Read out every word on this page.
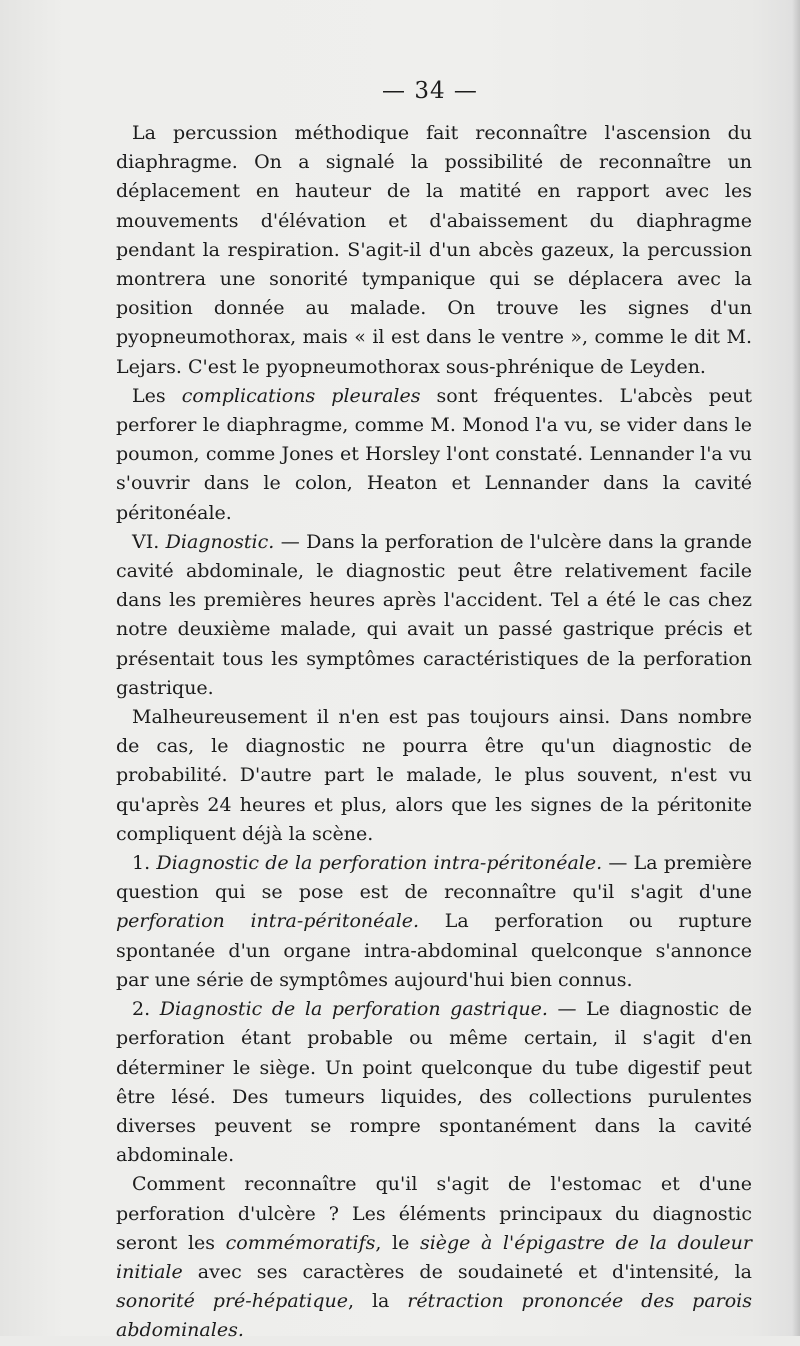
— 34 —

La percussion méthodique fait reconnaître l'ascension du diaphragme. On a signalé la possibilité de reconnaître un déplacement en hauteur de la matité en rapport avec les mouvements d'élévation et d'abaissement du diaphragme pendant la respiration. S'agit-il d'un abcès gazeux, la percussion montrera une sonorité tympanique qui se déplacera avec la position donnée au malade. On trouve les signes d'un pyopneumothorax, mais « il est dans le ventre », comme le dit M. Lejars. C'est le pyopneumothorax sous-phrénique de Leyden.

Les complications pleurales sont fréquentes. L'abcès peut perforer le diaphragme, comme M. Monod l'a vu, se vider dans le poumon, comme Jones et Horsley l'ont constaté. Lennander l'a vu s'ouvrir dans le colon, Heaton et Lennander dans la cavité péritonéale.

VI. Diagnostic. — Dans la perforation de l'ulcère dans la grande cavité abdominale, le diagnostic peut être relativement facile dans les premières heures après l'accident. Tel a été le cas chez notre deuxième malade, qui avait un passé gastrique précis et présentait tous les symptômes caractéristiques de la perforation gastrique.

Malheureusement il n'en est pas toujours ainsi. Dans nombre de cas, le diagnostic ne pourra être qu'un diagnostic de probabilité. D'autre part le malade, le plus souvent, n'est vu qu'après 24 heures et plus, alors que les signes de la péritonite compliquent déjà la scène.

1. Diagnostic de la perforation intra-péritonéale. — La première question qui se pose est de reconnaître qu'il s'agit d'une perforation intra-péritonéale. La perforation ou rupture spontanée d'un organe intra-abdominal quelconque s'annonce par une série de symptômes aujourd'hui bien connus.

2. Diagnostic de la perforation gastrique. — Le diagnostic de perforation étant probable ou même certain, il s'agit d'en déterminer le siège. Un point quelconque du tube digestif peut être lésé. Des tumeurs liquides, des collections purulentes diverses peuvent se rompre spontanément dans la cavité abdominale.

Comment reconnaître qu'il s'agit de l'estomac et d'une perforation d'ulcère ? Les éléments principaux du diagnostic seront les commémoratifs, le siège à l'épigastre de la douleur initiale avec ses caractères de soudaineté et d'intensité, la sonorité pré-hépatique, la rétraction prononcée des parois abdominales.
